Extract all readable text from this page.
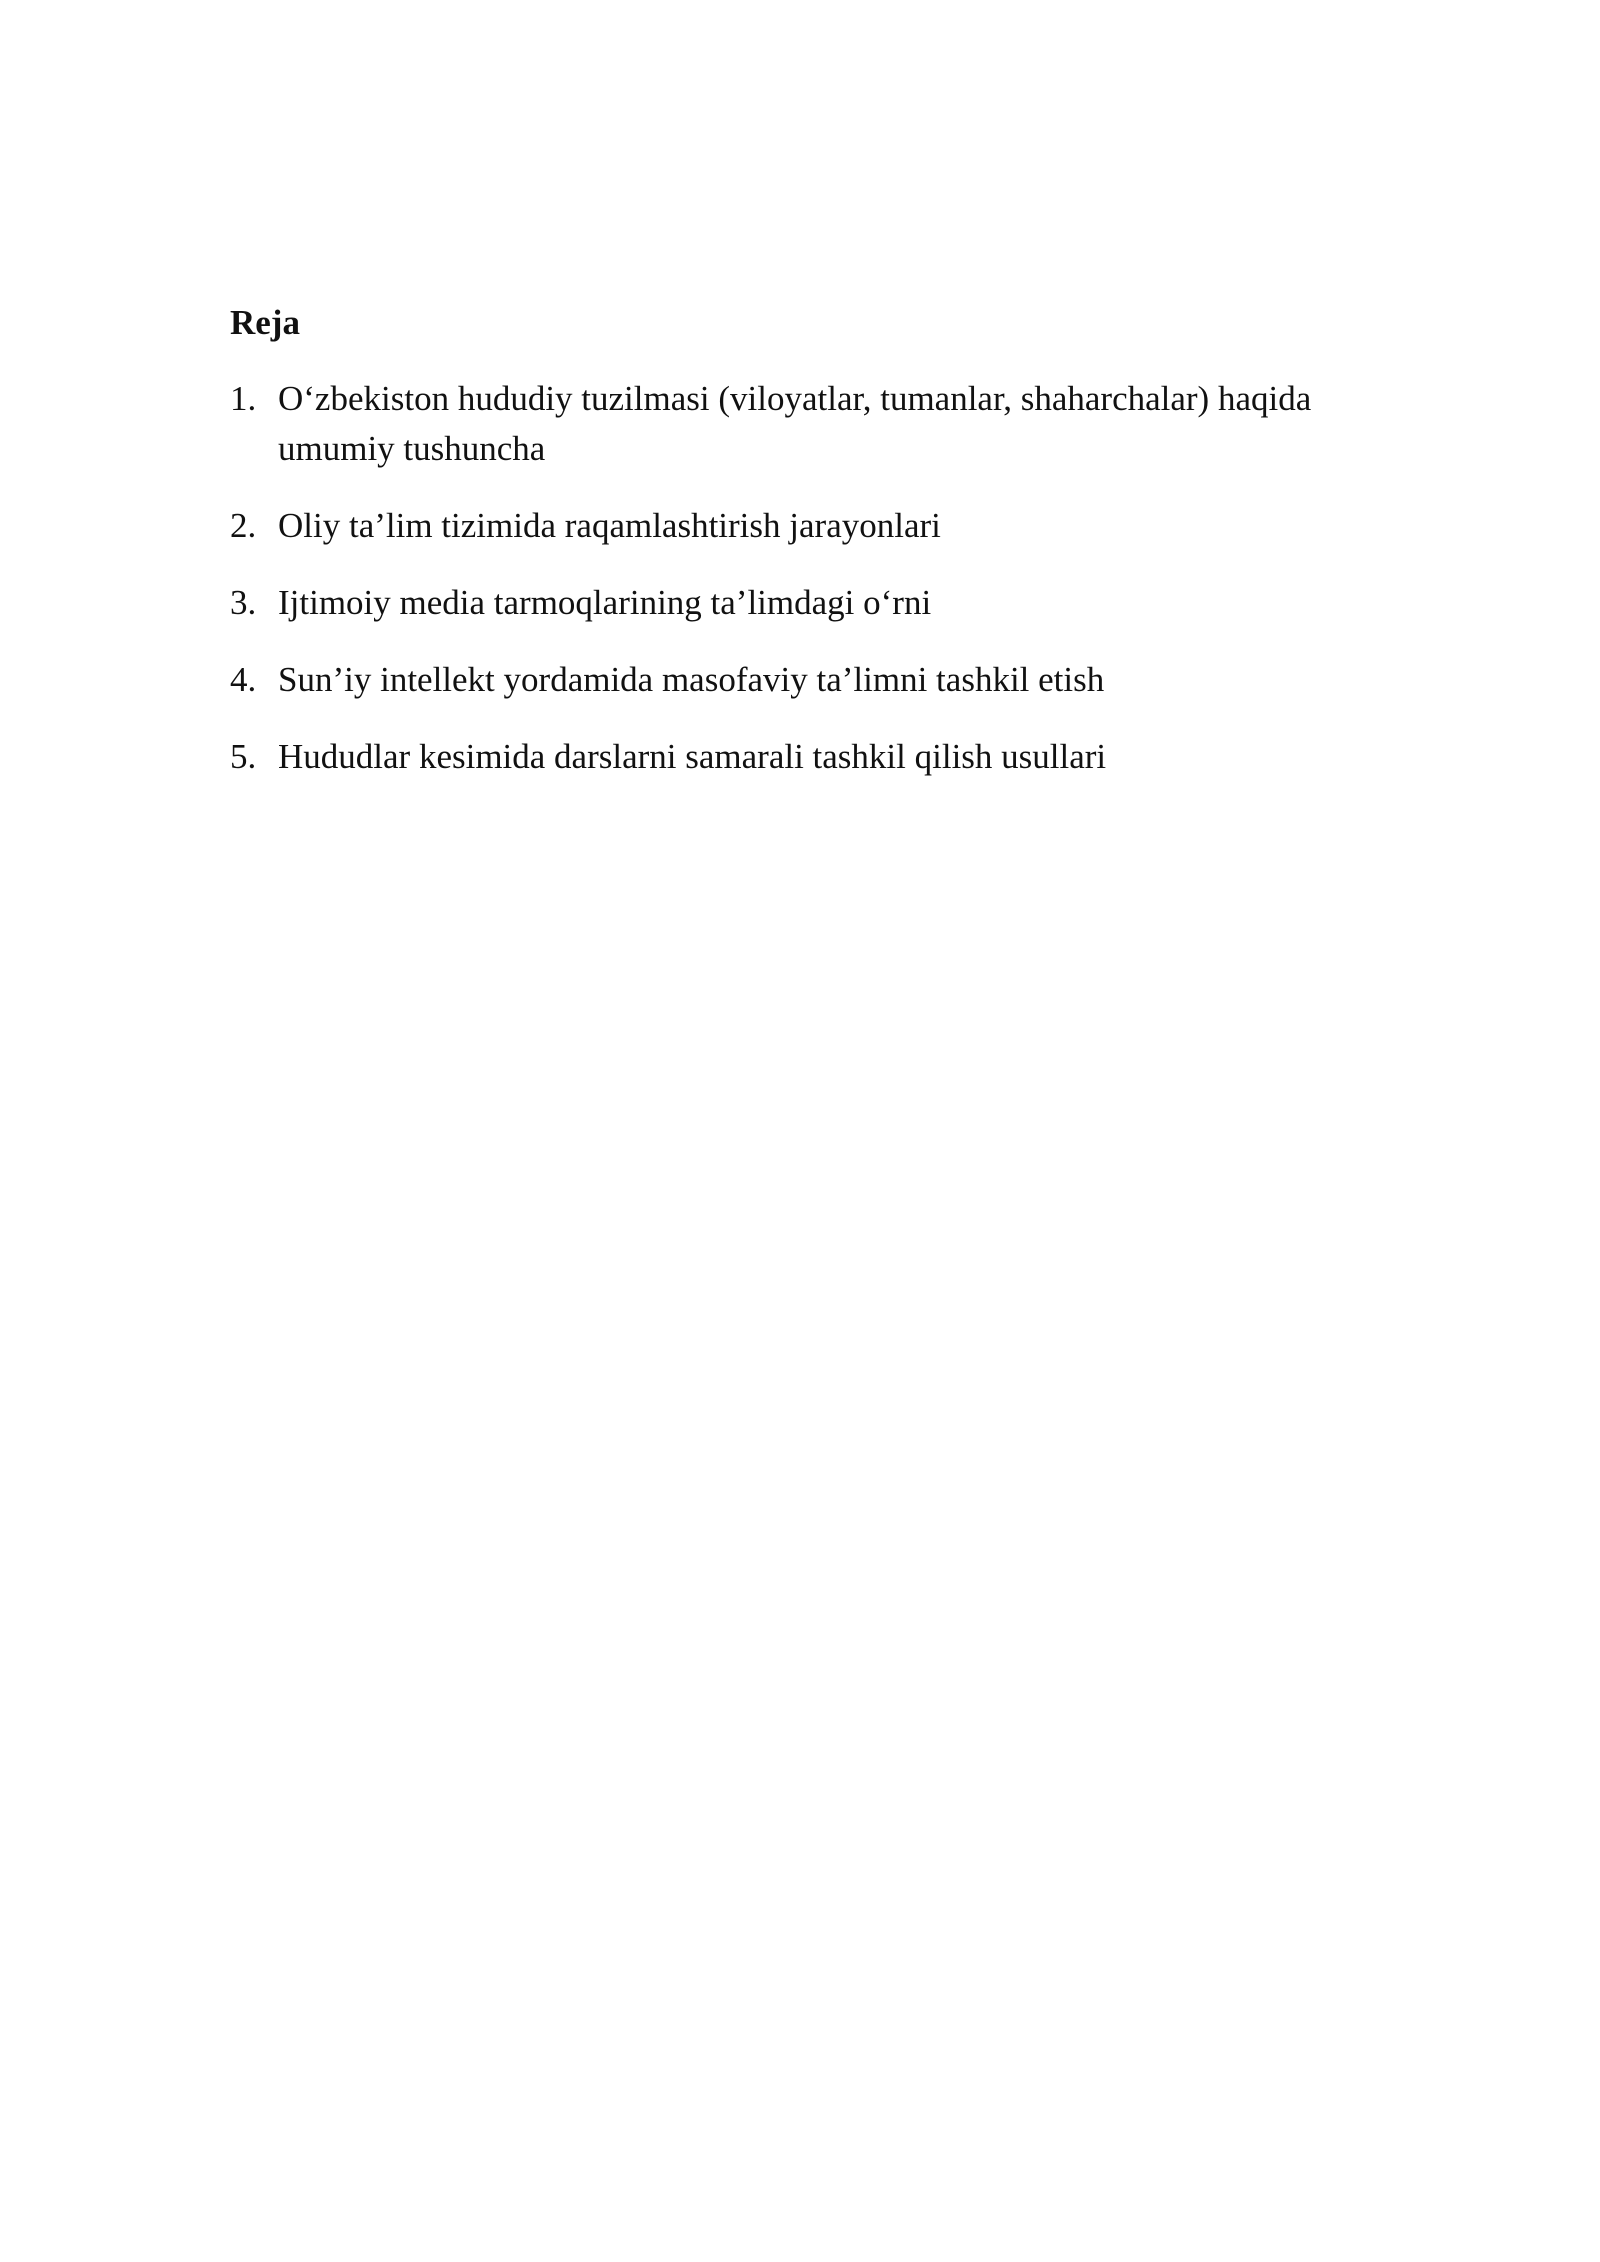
Reja
1. O‘zbekiston hududiy tuzilmasi (viloyatlar, tumanlar, shaharchalar) haqida umumiy tushuncha
2. Oliy ta’lim tizimida raqamlashtirish jarayonlari
3. Ijtimoiy media tarmoqlarining ta’limdagi o‘rni
4. Sun’iy intellekt yordamida masofaviy ta’limni tashkil etish
5. Hududlar kesimida darslarni samarali tashkil qilish usullari
